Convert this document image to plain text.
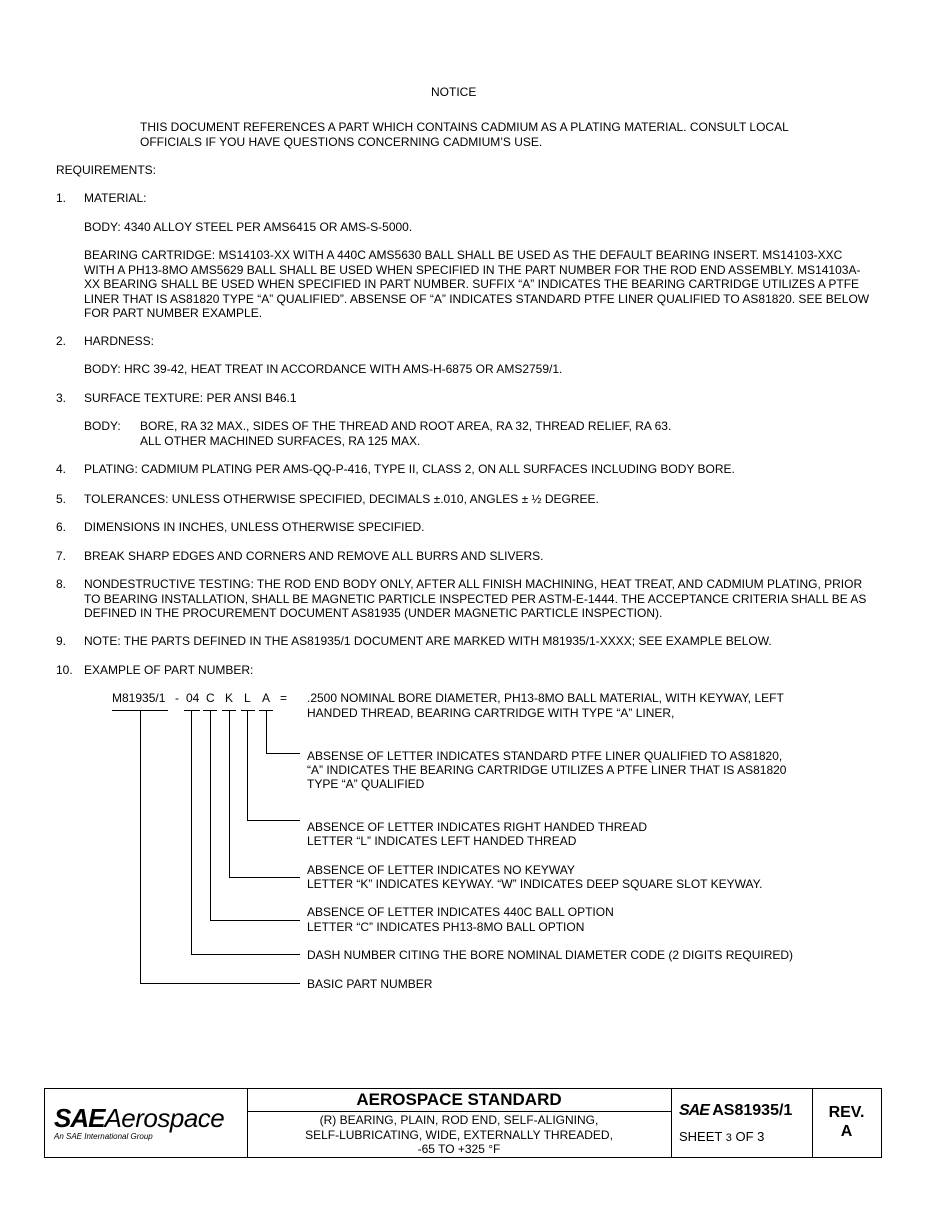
NOTICE
THIS DOCUMENT REFERENCES A PART WHICH CONTAINS CADMIUM AS A PLATING MATERIAL. CONSULT LOCAL OFFICIALS IF YOU HAVE QUESTIONS CONCERNING CADMIUM’S USE.
REQUIREMENTS:
1. MATERIAL:
BODY: 4340 ALLOY STEEL PER AMS6415 OR AMS-S-5000.
BEARING CARTRIDGE: MS14103-XX WITH A 440C AMS5630 BALL SHALL BE USED AS THE DEFAULT BEARING INSERT. MS14103-XXC WITH A PH13-8MO AMS5629 BALL SHALL BE USED WHEN SPECIFIED IN THE PART NUMBER FOR THE ROD END ASSEMBLY. MS14103A-XX BEARING SHALL BE USED WHEN SPECIFIED IN PART NUMBER. SUFFIX “A” INDICATES THE BEARING CARTRIDGE UTILIZES A PTFE LINER THAT IS AS81820 TYPE “A” QUALIFIED”. ABSENSE OF “A” INDICATES STANDARD PTFE LINER QUALIFIED TO AS81820. SEE BELOW FOR PART NUMBER EXAMPLE.
2. HARDNESS:
BODY: HRC 39-42, HEAT TREAT IN ACCORDANCE WITH AMS-H-6875 OR AMS2759/1.
3. SURFACE TEXTURE: PER ANSI B46.1
BODY: BORE, RA 32 MAX., SIDES OF THE THREAD AND ROOT AREA, RA 32, THREAD RELIEF, RA 63.
ALL OTHER MACHINED SURFACES, RA 125 MAX.
4. PLATING: CADMIUM PLATING PER AMS-QQ-P-416, TYPE II, CLASS 2, ON ALL SURFACES INCLUDING BODY BORE.
5. TOLERANCES: UNLESS OTHERWISE SPECIFIED, DECIMALS ±.010, ANGLES ± ½ DEGREE.
6. DIMENSIONS IN INCHES, UNLESS OTHERWISE SPECIFIED.
7. BREAK SHARP EDGES AND CORNERS AND REMOVE ALL BURRS AND SLIVERS.
8. NONDESTRUCTIVE TESTING: THE ROD END BODY ONLY, AFTER ALL FINISH MACHINING, HEAT TREAT, AND CADMIUM PLATING, PRIOR TO BEARING INSTALLATION, SHALL BE MAGNETIC PARTICLE INSPECTED PER ASTM-E-1444. THE ACCEPTANCE CRITERIA SHALL BE AS DEFINED IN THE PROCUREMENT DOCUMENT AS81935 (UNDER MAGNETIC PARTICLE INSPECTION).
9. NOTE: THE PARTS DEFINED IN THE AS81935/1 DOCUMENT ARE MARKED WITH M81935/1-XXXX; SEE EXAMPLE BELOW.
10. EXAMPLE OF PART NUMBER:
M81935/1 - 04 C K L A = .2500 NOMINAL BORE DIAMETER, PH13-8MO BALL MATERIAL, WITH KEYWAY, LEFT
HANDED THREAD, BEARING CARTRIDGE WITH TYPE “A” LINER,
ABSENSE OF LETTER INDICATES STANDARD PTFE LINER QUALIFIED TO AS81820,
“A” INDICATES THE BEARING CARTRIDGE UTILIZES A PTFE LINER THAT IS AS81820
TYPE “A” QUALIFIED
ABSENCE OF LETTER INDICATES RIGHT HANDED THREAD
LETTER “L” INDICATES LEFT HANDED THREAD
ABSENCE OF LETTER INDICATES NO KEYWAY
LETTER “K” INDICATES KEYWAY. “W” INDICATES DEEP SQUARE SLOT KEYWAY.
ABSENCE OF LETTER INDICATES 440C BALL OPTION
LETTER “C” INDICATES PH13-8MO BALL OPTION
DASH NUMBER CITING THE BORE NOMINAL DIAMETER CODE (2 DIGITS REQUIRED)
BASIC PART NUMBER
SAEAerospace
An SAE International Group
AEROSPACE STANDARD
(R) BEARING, PLAIN, ROD END, SELF-ALIGNING,
SELF-LUBRICATING, WIDE, EXTERNALLY THREADED,
-65 TO +325 °F
SAE AS81935/1
SHEET 3 OF 3
REV.
A
